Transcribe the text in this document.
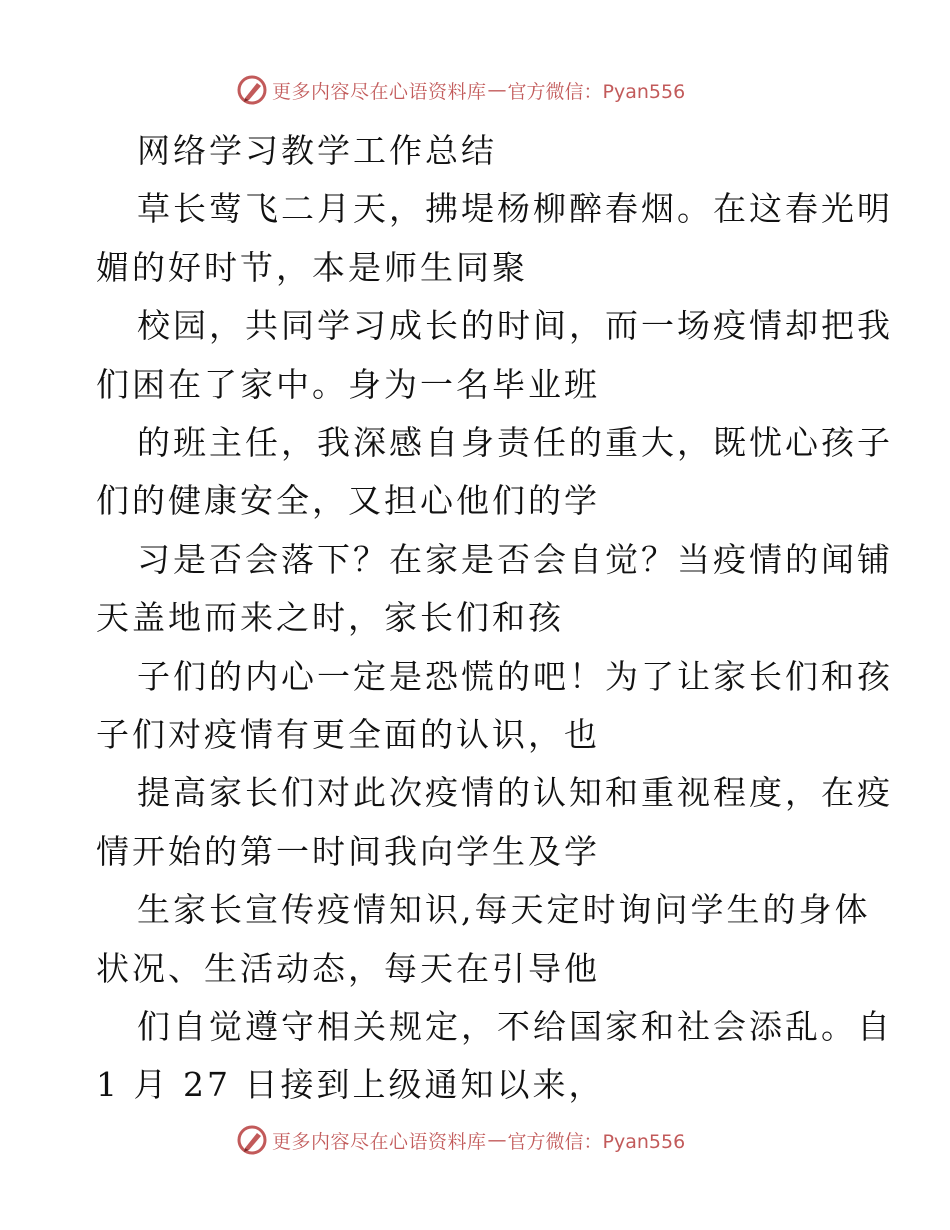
更多内容尽在心语资料库 — 官方微信：Pyan556
网络学习教学工作总结
草长莺飞二月天，拂堤杨柳醉春烟。在这春光明
媚的好时节，本是师生同聚
校园，共同学习成长的时间，而一场疫情却把我
们困在了家中。身为一名毕业班
的班主任，我深感自身责任的重大，既忧心孩子
们的健康安全，又担心他们的学
习是否会落下？在家是否会自觉？当疫情的闻铺
天盖地而来之时，家长们和孩
子们的内心一定是恐慌的吧！为了让家长们和孩
子们对疫情有更全面的认识，也
提高家长们对此次疫情的认知和重视程度，在疫
情开始的第一时间我向学生及学
生家长宣传疫情知识,每天定时询问学生的身体
状况、生活动态，每天在引导他
们自觉遵守相关规定，不给国家和社会添乱。自
1 月 27 日接到上级通知以来，
更多内容尽在心语资料库 — 官方微信：Pyan556
